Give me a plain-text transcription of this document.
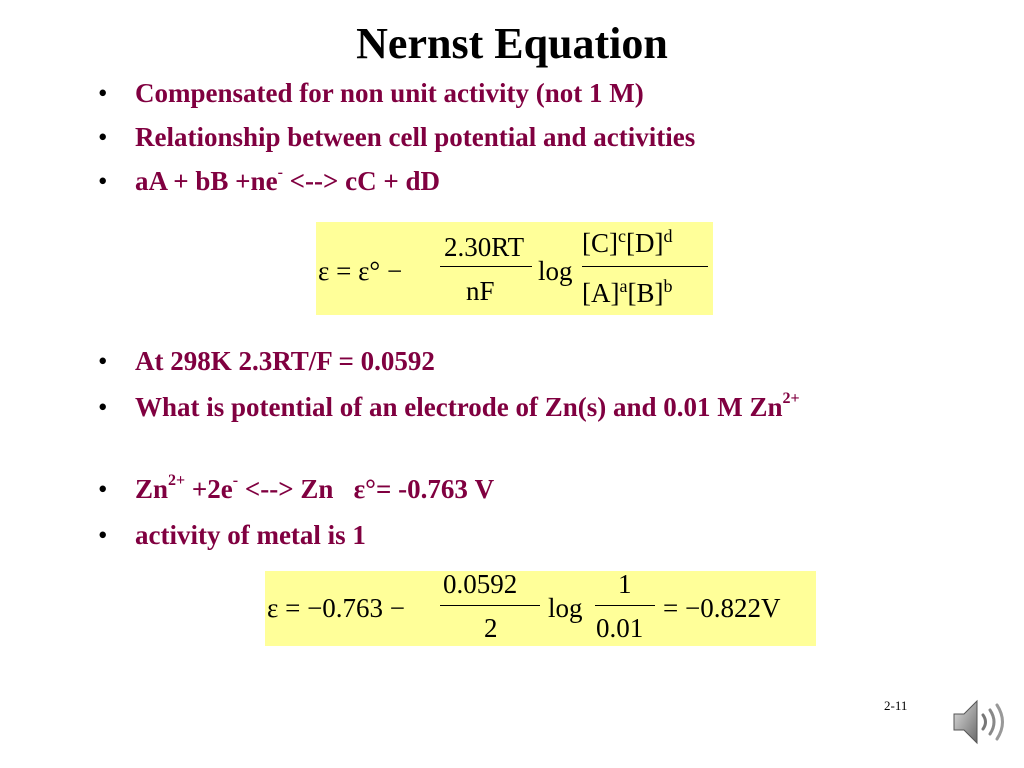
Nernst Equation
• Compensated for non unit activity (not 1 M)
• Relationship between cell potential and activities
• aA + bB +ne- <--> cC + dD
ε = ε° −
2.30RT
nF
log
$[C]^c[D]^d$
$[A]^a[B]^b$
• At 298K 2.3RT/F = 0.0592
• What is potential of an electrode of Zn(s) and 0.01 M $Zn^{2+}$
• $Zn^{2+} +2e^-$ <--> Zn   ε°= -0.763 V
• activity of metal is 1
ε = −0.763 −
0.0592
2
log
1
0.01
= −0.822V
2-11
